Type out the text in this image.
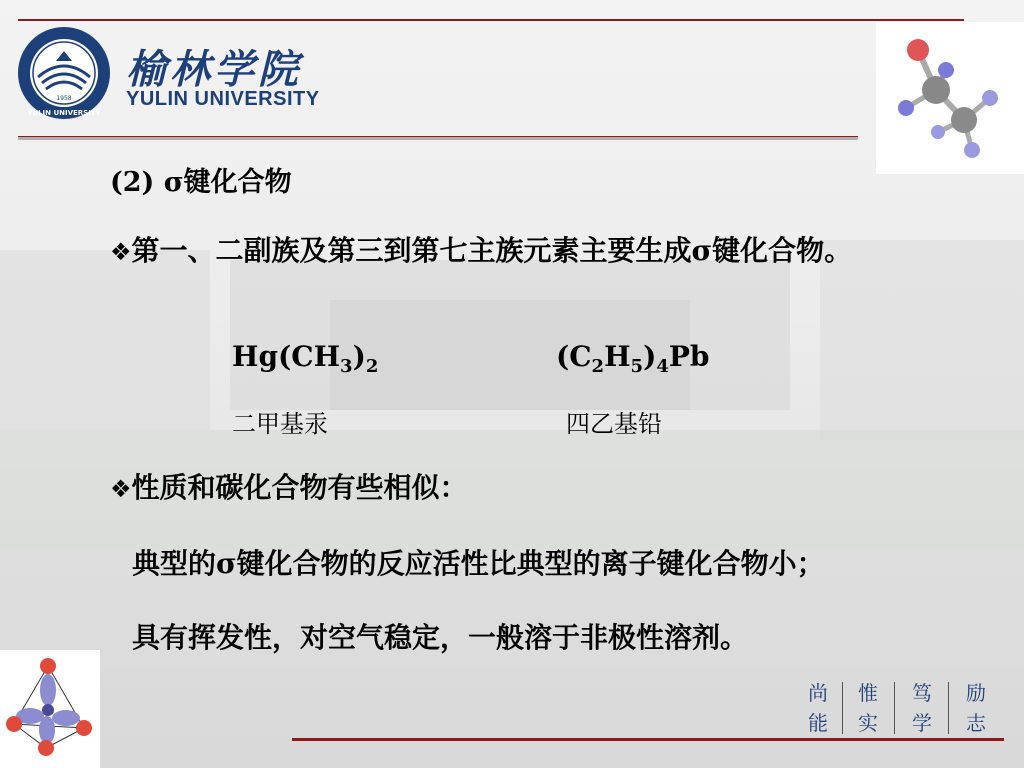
1958
YULIN UNIVERSITY
榆林学院
YULIN UNIVERSITY
(2) σ键化合物
❖第一、二副族及第三到第七主族元素主要生成σ键化合物。
$Hg(CH_3)_2$	$(C_2H_5)_4Pb$
二甲基汞	四乙基铅
❖性质和碳化合物有些相似：
典型的σ键化合物的反应活性比典型的离子键化合物小；
具有挥发性，对空气稳定，一般溶于非极性溶剂。
尚
能
惟
实
笃
学
励
志
